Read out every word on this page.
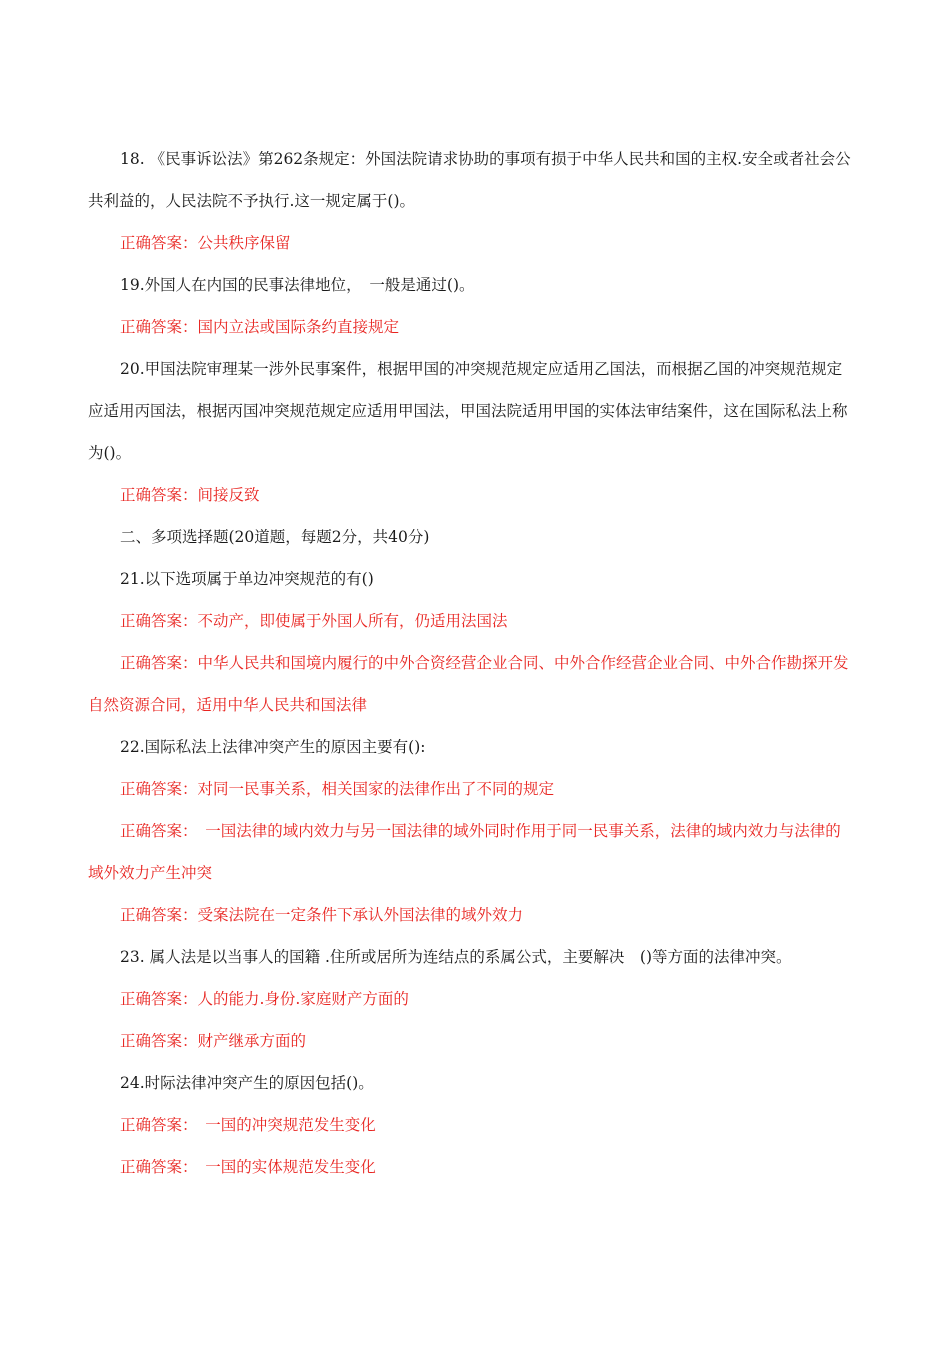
18. 《民事诉讼法》第262条规定：外国法院请求协助的事项有损于中华人民共和国的主权.安全或者社会公共利益的，人民法院不予执行.这一规定属于()。

正确答案：公共秩序保留

19.外国人在内国的民事法律地位，　一般是通过()。

正确答案：国内立法或国际条约直接规定

20.甲国法院审理某一涉外民事案件，根据甲国的冲突规范规定应适用乙国法，而根据乙国的冲突规范规定应适用丙国法，根据丙国冲突规范规定应适用甲国法，甲国法院适用甲国的实体法审结案件，这在国际私法上称为()。

正确答案：间接反致

二、多项选择题(20道题，每题2分，共40分)

21.以下选项属于单边冲突规范的有()

正确答案：不动产，即使属于外国人所有，仍适用法国法

正确答案：中华人民共和国境内履行的中外合资经营企业合同、中外合作经营企业合同、中外合作勘探开发自然资源合同，适用中华人民共和国法律

22.国际私法上法律冲突产生的原因主要有():

正确答案：对同一民事关系，相关国家的法律作出了不同的规定

正确答案：　一国法律的域内效力与另一国法律的域外同时作用于同一民事关系，法律的域内效力与法律的域外效力产生冲突

正确答案：受案法院在一定条件下承认外国法律的域外效力

23. 属人法是以当事人的国籍 .住所或居所为连结点的系属公式，主要解决　()等方面的法律冲突。

正确答案：人的能力.身份.家庭财产方面的

正确答案：财产继承方面的

24.时际法律冲突产生的原因包括()。

正确答案：　一国的冲突规范发生变化

正确答案：　一国的实体规范发生变化
